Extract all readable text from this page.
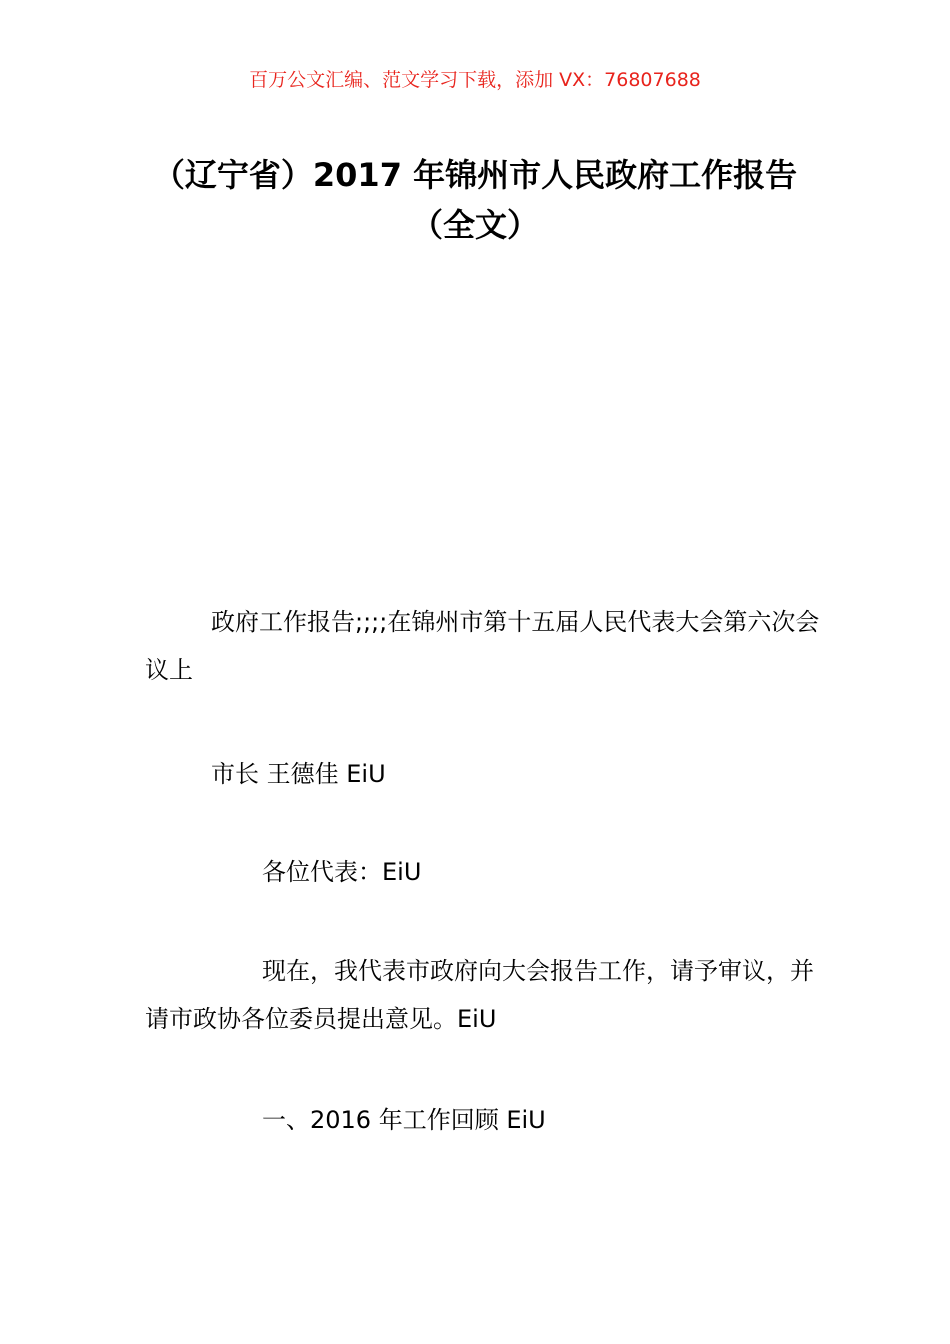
百万公文汇编、范文学习下载，添加 VX：76807688
（辽宁省）2017 年锦州市人民政府工作报告（全文）
政府工作报告;;;;在锦州市第十五届人民代表大会第六次会议上
市长 王德佳 EiU
各位代表：EiU
现在，我代表市政府向大会报告工作，请予审议，并请市政协各位委员提出意见。EiU
一、2016 年工作回顾 EiU
